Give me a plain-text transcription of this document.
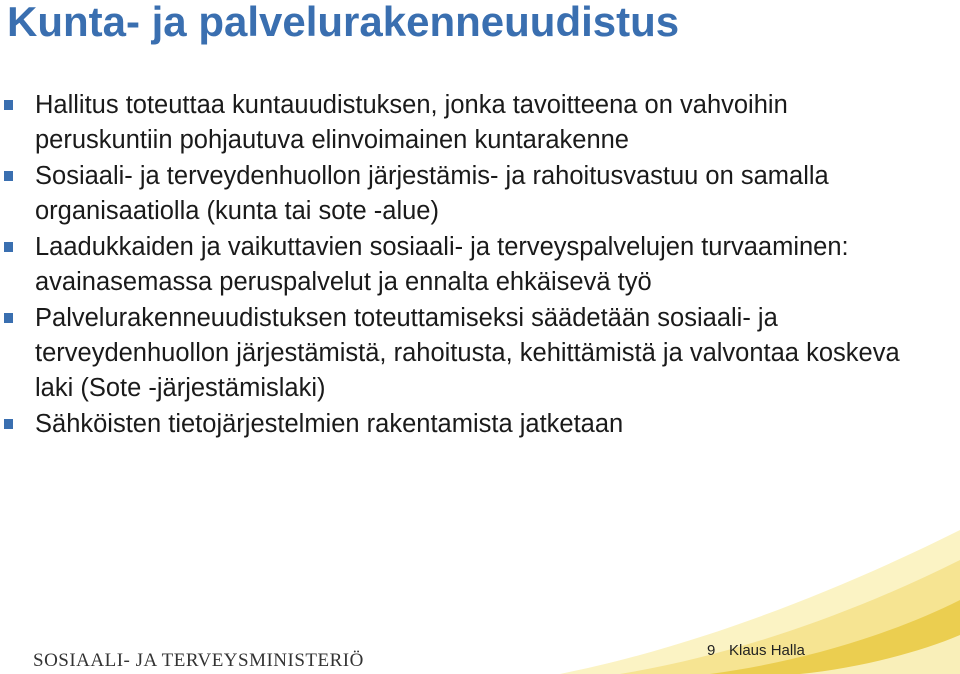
Kunta- ja palvelurakenneuudistus
Hallitus toteuttaa kuntauudistuksen, jonka tavoitteena on vahvoihin peruskuntiin pohjautuva elinvoimainen kuntarakenne
Sosiaali- ja terveydenhuollon järjestämis- ja rahoitusvastuu on samalla organisaatiolla (kunta tai sote -alue)
Laadukkaiden ja vaikuttavien sosiaali- ja terveyspalvelujen turvaaminen: avainasemassa peruspalvelut ja ennalta ehkäisevä työ
Palvelurakenneuudistuksen toteuttamiseksi säädetään sosiaali- ja terveydenhuollon järjestämistä, rahoitusta, kehittämistä ja valvontaa koskeva laki (Sote -järjestämislaki)
Sähköisten tietojärjestelmien rakentamista jatketaan
SOSIAALI- JA TERVEYSMINISTERIÖ	9 Klaus Halla
